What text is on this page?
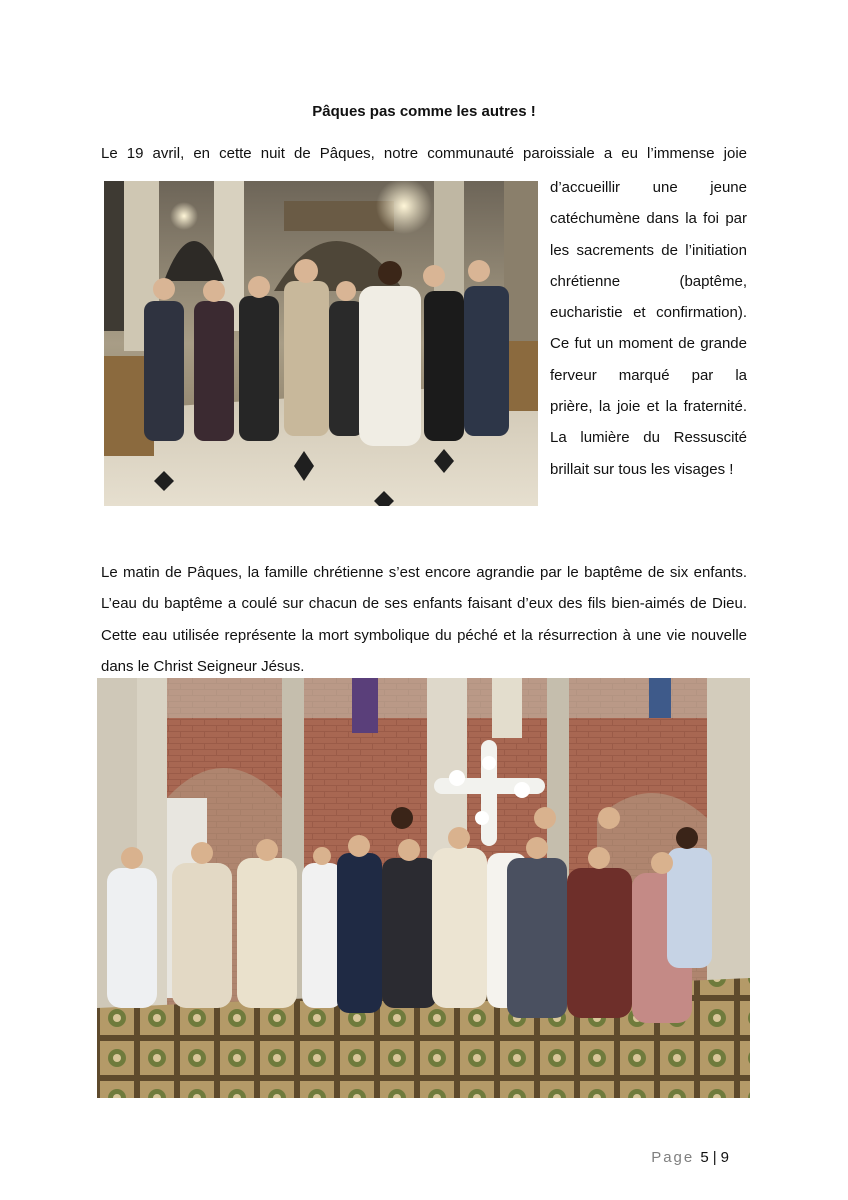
Pâques pas comme les autres !
Le 19 avril, en cette nuit de Pâques, notre communauté paroissiale a eu l’immense joie
d’accueillir une jeune
catéchumène dans la foi par
les sacrements de l’initiation
chrétienne (baptême,
eucharistie et confirmation).
Ce fut un moment de grande
ferveur marqué par la
prière, la joie et la fraternité.
La lumière du Ressuscité
brillait sur tous les visages !
Le matin de Pâques, la famille chrétienne s’est encore agrandie par le baptême de six enfants.
L’eau du baptême a coulé sur chacun de ses enfants faisant d’eux des fils bien-aimés de Dieu.
Cette eau utilisée représente la mort symbolique du péché et la résurrection à une vie nouvelle
dans le Christ Seigneur Jésus.
Page 5 | 9
